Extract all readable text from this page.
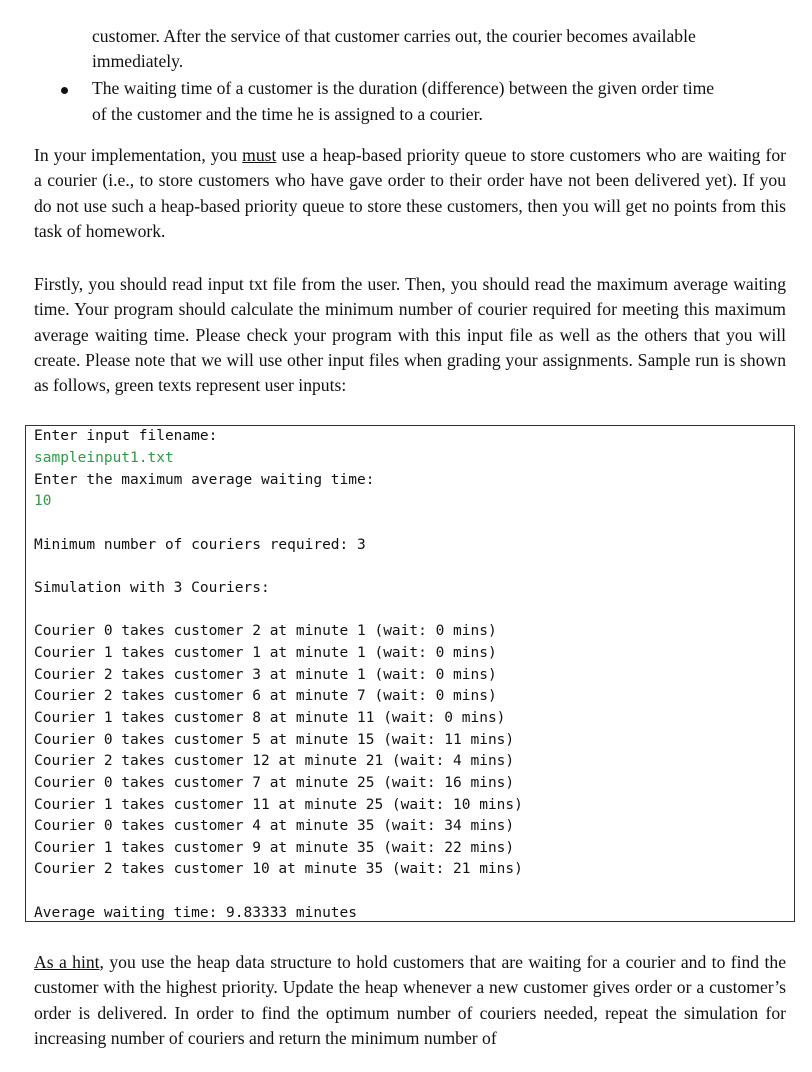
customer. After the service of that customer carries out, the courier becomes available
immediately.
The waiting time of a customer is the duration (difference) between the given order time
of the customer and the time he is assigned to a courier.
In your implementation, you must use a heap-based priority queue to store customers who are waiting for a courier (i.e., to store customers who have gave order to their order have not been delivered yet). If you do not use such a heap-based priority queue to store these customers, then you will get no points from this task of homework.
Firstly, you should read input txt file from the user. Then, you should read the maximum average waiting time. Your program should calculate the minimum number of courier required for meeting this maximum average waiting time. Please check your program with this input file as well as the others that you will create. Please note that we will use other input files when grading your assignments. Sample run is shown as follows, green texts represent user inputs:
Enter input filename:
sampleinput1.txt
Enter the maximum average waiting time:
10
Minimum number of couriers required: 3
Simulation with 3 Couriers:
Courier 0 takes customer 2 at minute 1 (wait: 0 mins)
Courier 1 takes customer 1 at minute 1 (wait: 0 mins)
Courier 2 takes customer 3 at minute 1 (wait: 0 mins)
Courier 2 takes customer 6 at minute 7 (wait: 0 mins)
Courier 1 takes customer 8 at minute 11 (wait: 0 mins)
Courier 0 takes customer 5 at minute 15 (wait: 11 mins)
Courier 2 takes customer 12 at minute 21 (wait: 4 mins)
Courier 0 takes customer 7 at minute 25 (wait: 16 mins)
Courier 1 takes customer 11 at minute 25 (wait: 10 mins)
Courier 0 takes customer 4 at minute 35 (wait: 34 mins)
Courier 1 takes customer 9 at minute 35 (wait: 22 mins)
Courier 2 takes customer 10 at minute 35 (wait: 21 mins)
Average waiting time: 9.83333 minutes
As a hint, you use the heap data structure to hold customers that are waiting for a courier and to find the customer with the highest priority. Update the heap whenever a new customer gives order or a customer’s order is delivered. In order to find the optimum number of couriers needed, repeat the simulation for increasing number of couriers and return the minimum number of
